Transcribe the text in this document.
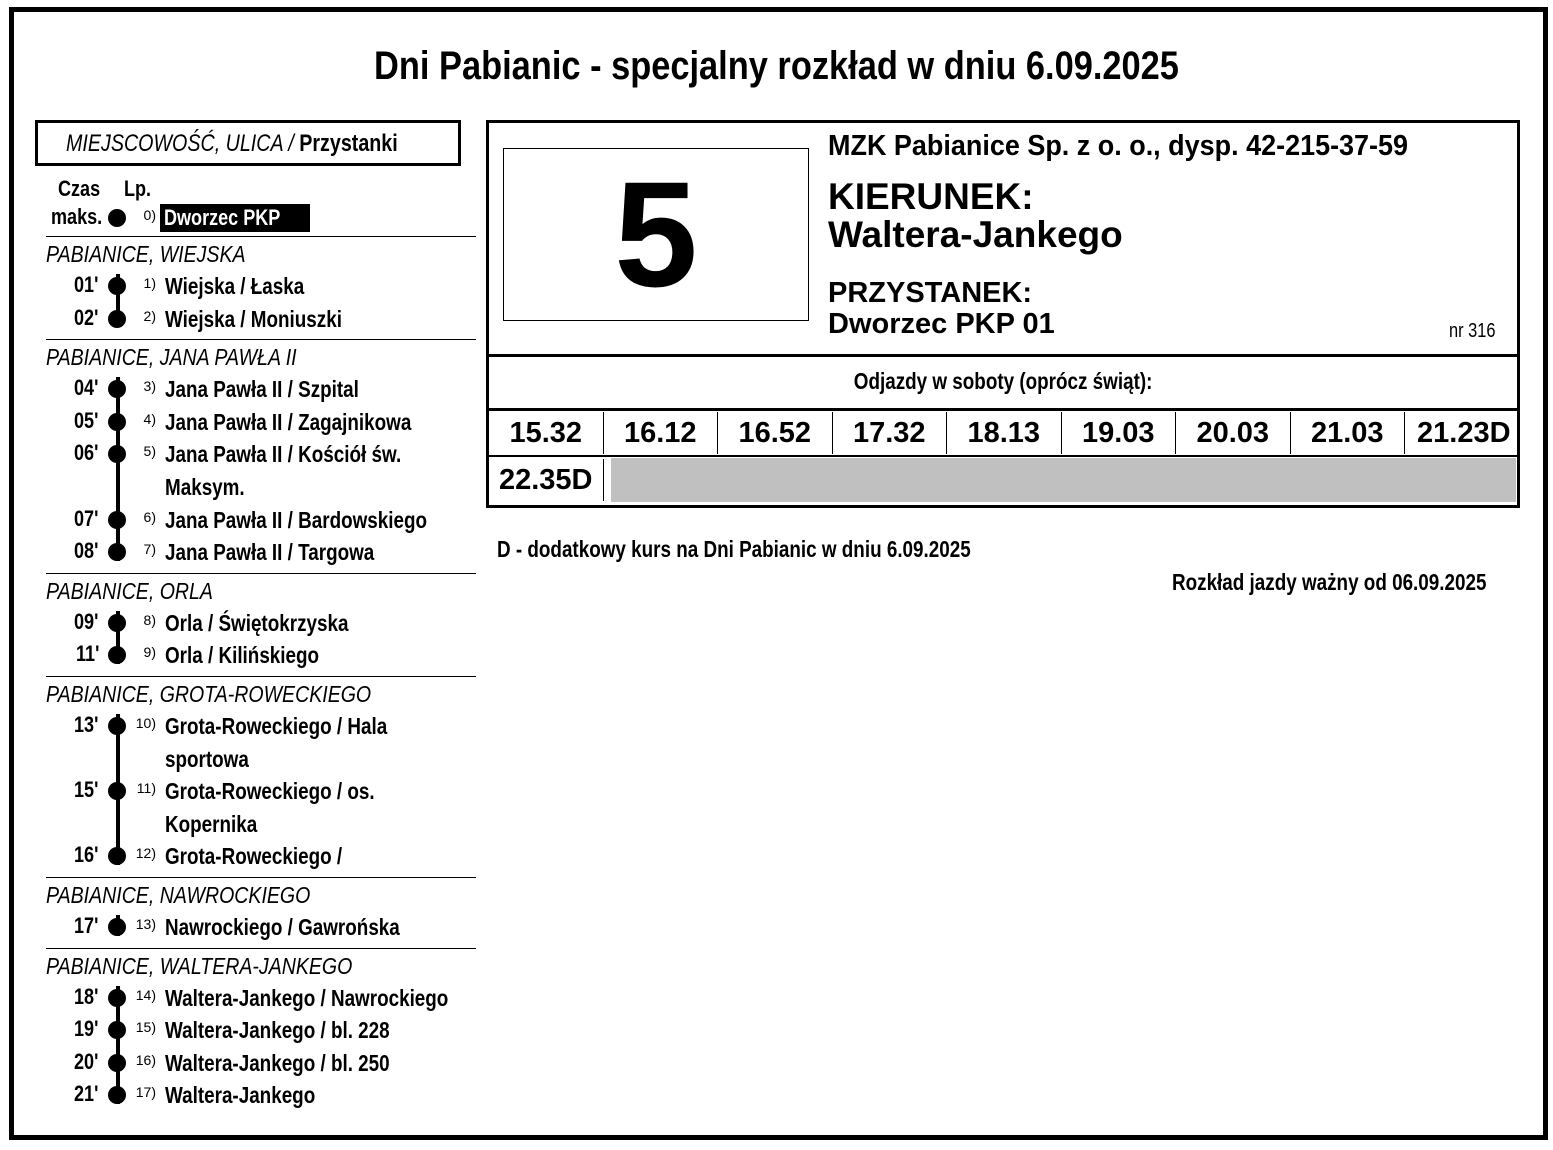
Dni Pabianic - specjalny rozkład w dniu 6.09.2025
MIEJSCOWOŚĆ, ULICA / Przystanki
Czas
maks.
Lp.
0) Dworzec PKP
PABIANICE, WIEJSKA
01'	1) Wiejska / Łaska
02'	2) Wiejska / Moniuszki
PABIANICE, JANA PAWŁA II
04'	3) Jana Pawła II / Szpital
05'	4) Jana Pawła II / Zagajnikowa
06'	5) Jana Pawła II / Kościół św.
Maksym.
07'	6) Jana Pawła II / Bardowskiego
08'	7) Jana Pawła II / Targowa
PABIANICE, ORLA
09'	8) Orla / Świętokrzyska
11'	9) Orla / Kilińskiego
PABIANICE, GROTA-ROWECKIEGO
13'	10) Grota-Roweckiego / Hala
sportowa
15'	11) Grota-Roweckiego / os.
Kopernika
16'	12) Grota-Roweckiego /
PABIANICE, NAWROCKIEGO
17'	13) Nawrockiego / Gawrońska
PABIANICE, WALTERA-JANKEGO
18'	14) Waltera-Jankego / Nawrockiego
19'	15) Waltera-Jankego / bl. 228
20'	16) Waltera-Jankego / bl. 250
21'	17) Waltera-Jankego
5
MZK Pabianice Sp. z o. o., dysp. 42-215-37-59
KIERUNEK:
Waltera-Jankego
PRZYSTANEK:
Dworzec PKP 01	nr 316
Odjazdy w soboty (oprócz świąt):
15.32	16.12	16.52	17.32	18.13	19.03	20.03	21.03	21.23D
22.35D
D - dodatkowy kurs na Dni Pabianic w dniu 6.09.2025
Rozkład jazdy ważny od 06.09.2025
